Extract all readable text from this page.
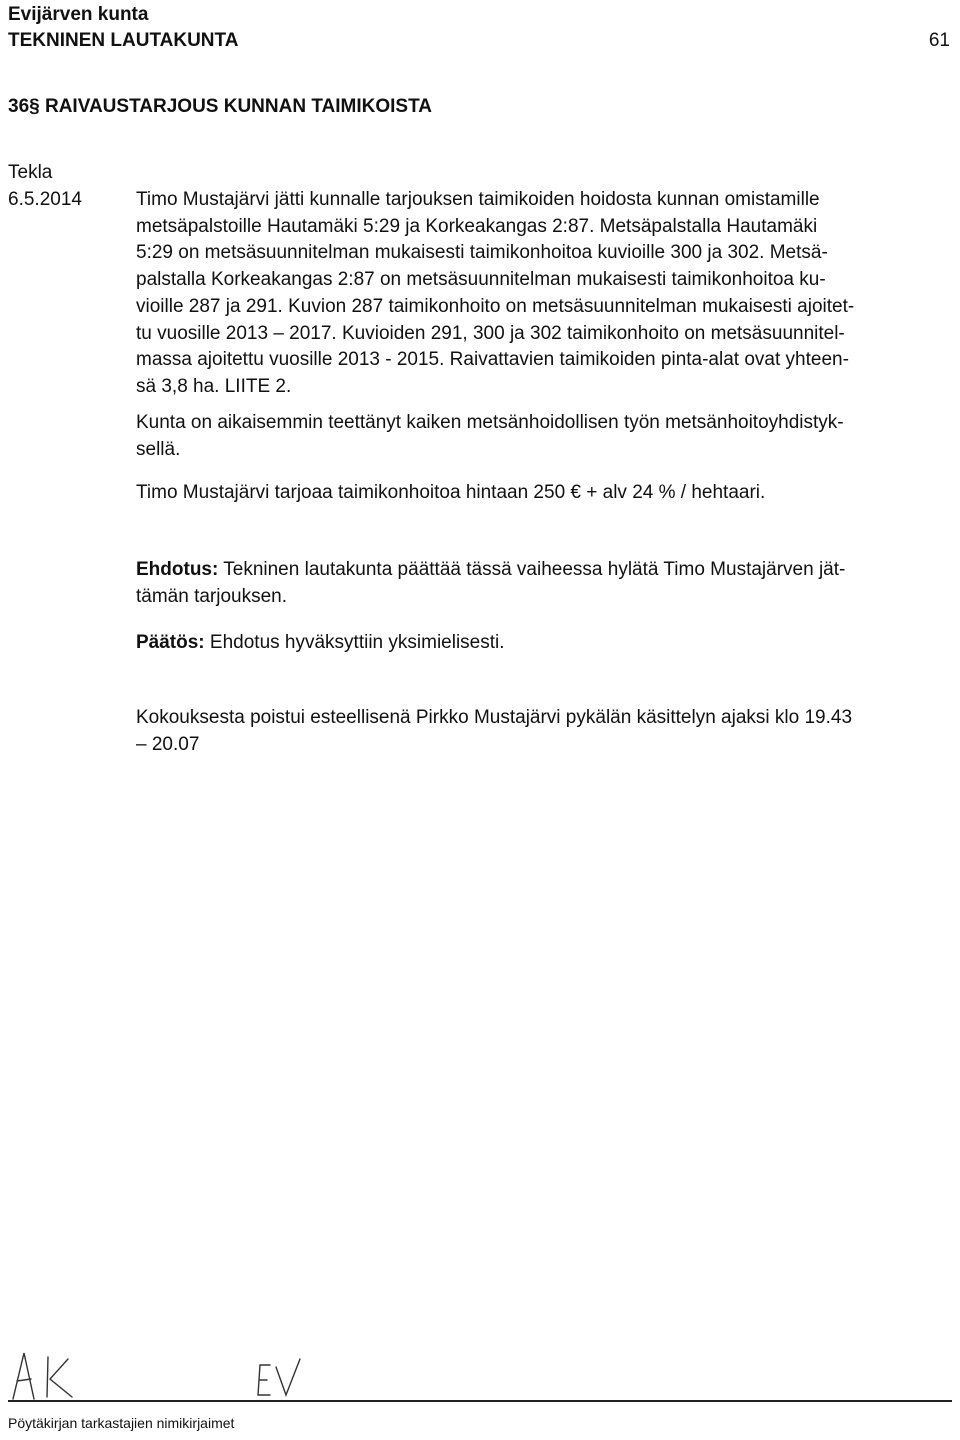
Evijärven kunta
TEKNINEN LAUTAKUNTA	61
36§ RAIVAUSTARJOUS KUNNAN TAIMIKOISTA
Tekla
6.5.2014	Timo Mustajärvi jätti kunnalle tarjouksen taimikoiden hoidosta kunnan omistamille
metsäpalstoille Hautamäki 5:29 ja Korkeakangas 2:87. Metsäpalstalla Hautamäki
5:29 on metsäsuunnitelman mukaisesti taimikonhoitoa kuvioille 300 ja 302. Metsä-
palstalla Korkeakangas 2:87 on metsäsuunnitelman mukaisesti taimikonhoitoa ku-
vioille 287 ja 291. Kuvion 287 taimikonhoito on metsäsuunnitelman mukaisesti ajoitet-
tu vuosille 2013 – 2017. Kuvioiden 291, 300 ja 302 taimikonhoito on metsäsuunnitel-
massa ajoitettu vuosille 2013 - 2015. Raivattavien taimikoiden pinta-alat ovat yhteen-
sä 3,8 ha. LIITE 2.

Kunta on aikaisemmin teettänyt kaiken metsänhoidollisen työn metsänhoitoyhdistyk-
sellä.

Timo Mustajärvi tarjoaa taimikonhoitoa hintaan 250 € + alv 24 % / hehtaari.

Ehdotus: Tekninen lautakunta päättää tässä vaiheessa hylätä Timo Mustajärven jät-
tämän tarjouksen.

Päätös: Ehdotus hyväksyttiin yksimielisesti.

Kokouksesta poistui esteellisenä Pirkko Mustajärvi pykälän käsittelyn ajaksi klo 19.43
– 20.07

Pöytäkirjan tarkastajien nimikirjaimet
